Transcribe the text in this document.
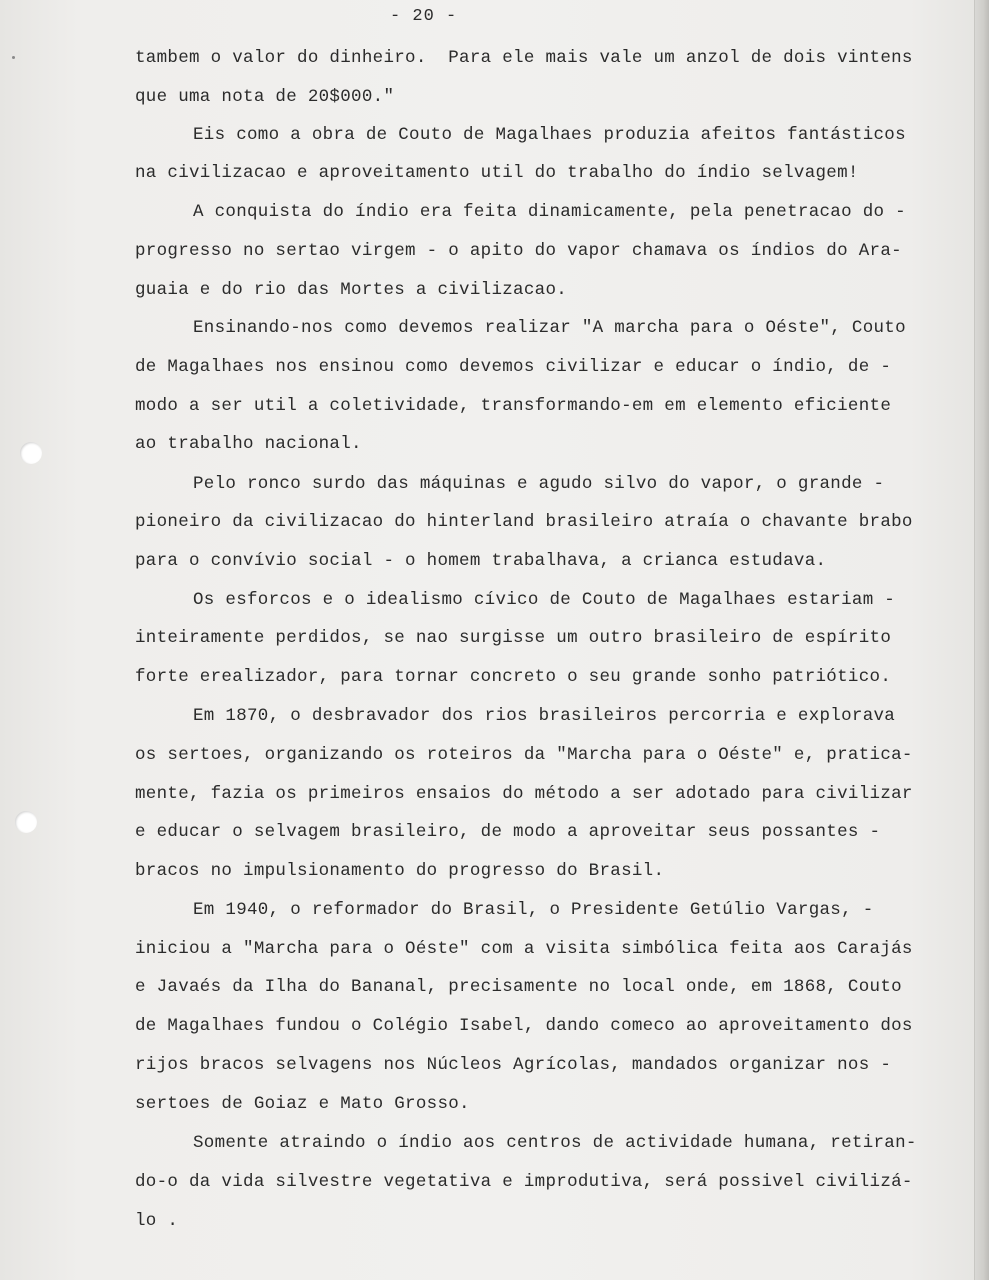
- 20 -
tambem o valor do dinheiro.  Para ele mais vale um anzol de dois vintens
que uma nota de 20$000."
Eis como a obra de Couto de Magalhaes produzia afeitos fantásticos
na civilizacao e aproveitamento util do trabalho do índio selvagem!
A conquista do índio era feita dinamicamente, pela penetracao do -
progresso no sertao virgem - o apito do vapor chamava os índios do Ara-
guaia e do rio das Mortes a civilizacao.
Ensinando-nos como devemos realizar "A marcha para o Oéste", Couto
de Magalhaes nos ensinou como devemos civilizar e educar o índio, de -
modo a ser util a coletividade, transformando-em em elemento eficiente
ao trabalho nacional.
Pelo ronco surdo das máquinas e agudo silvo do vapor, o grande -
pioneiro da civilizacao do hinterland brasileiro atraía o chavante brabo
para o convívio social - o homem trabalhava, a crianca estudava.
Os esforcos e o idealismo cívico de Couto de Magalhaes estariam -
inteiramente perdidos, se nao surgisse um outro brasileiro de espírito
forte erealizador, para tornar concreto o seu grande sonho patriótico.
Em 1870, o desbravador dos rios brasileiros percorria e explorava
os sertoes, organizando os roteiros da "Marcha para o Oéste" e, pratica-
mente, fazia os primeiros ensaios do método a ser adotado para civilizar
e educar o selvagem brasileiro, de modo a aproveitar seus possantes -
bracos no impulsionamento do progresso do Brasil.
Em 1940, o reformador do Brasil, o Presidente Getúlio Vargas, -
iniciou a "Marcha para o Oéste" com a visita simbólica feita aos Carajás
e Javaés da Ilha do Bananal, precisamente no local onde, em 1868, Couto
de Magalhaes fundou o Colégio Isabel, dando comeco ao aproveitamento dos
rijos bracos selvagens nos Núcleos Agrícolas, mandados organizar nos -
sertoes de Goiaz e Mato Grosso.
Somente atraindo o índio aos centros de actividade humana, retiran-
do-o da vida silvestre vegetativa e improdutiva, será possivel civilizá-
lo .
